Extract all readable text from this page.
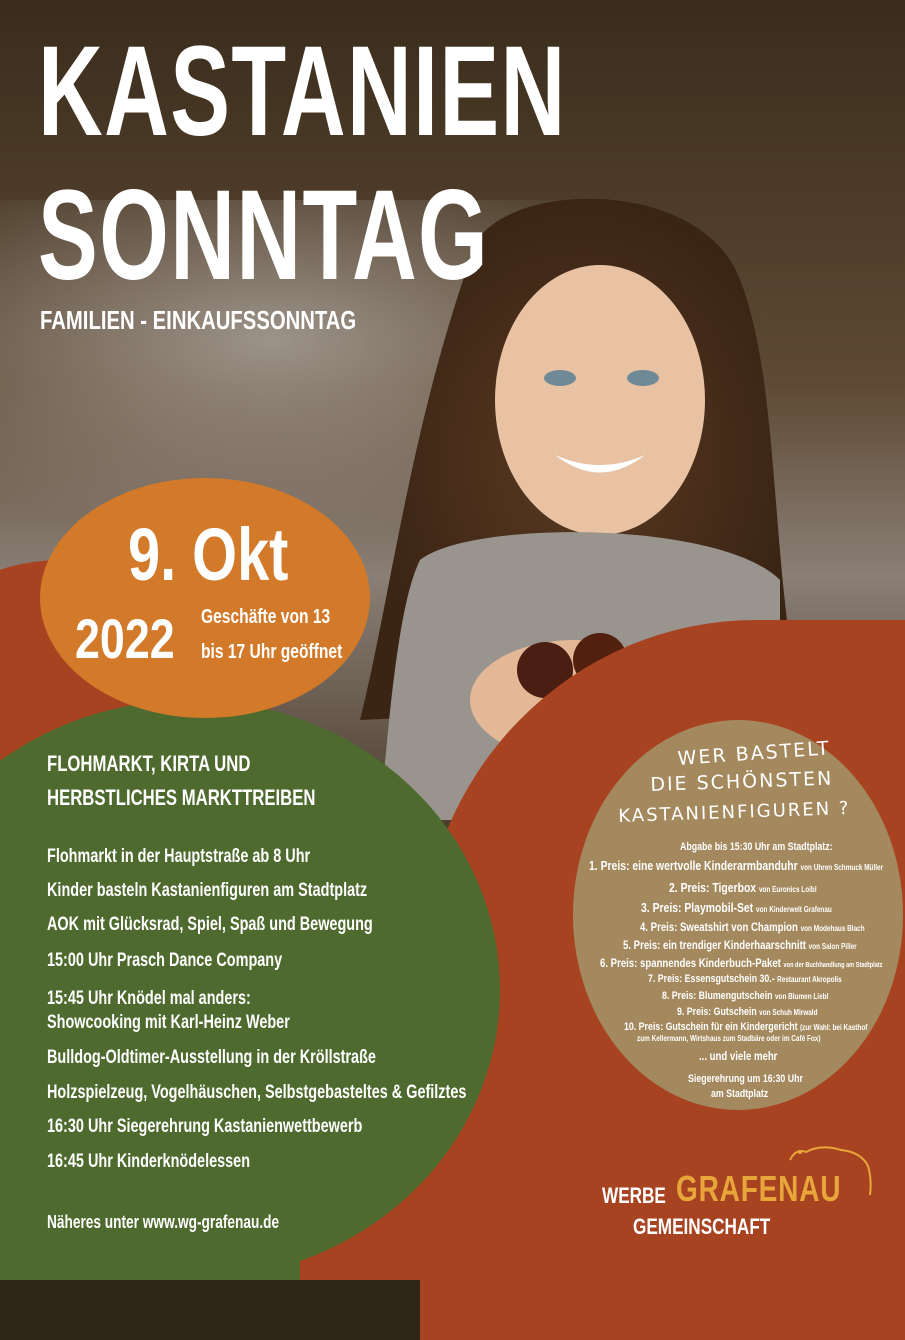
KASTANIEN
SONNTAG
FAMILIEN - EINKAUFSSONNTAG
9. Okt
2022 Geschäfte von 13
bis 17 Uhr geöffnet
FLOHMARKT, KIRTA UND
HERBSTLICHES MARKTTREIBEN
Flohmarkt in der Hauptstraße ab 8 Uhr
Kinder basteln Kastanienfiguren am Stadtplatz
AOK mit Glücksrad, Spiel, Spaß und Bewegung
15:00 Uhr Prasch Dance Company
15:45 Uhr Knödel mal anders:
Showcooking mit Karl-Heinz Weber
Bulldog-Oldtimer-Ausstellung in der Kröllstraße
Holzspielzeug, Vogelhäuschen, Selbstgebasteltes & Gefilztes
16:30 Uhr Siegerehrung Kastanienwettbewerb
16:45 Uhr Kinderknödelessen
Näheres unter www.wg-grafenau.de
WER BASTELT
DIE SCHÖNSTEN
KASTANIENFIGUREN ?
Abgabe bis 15:30 Uhr am Stadtplatz:
1. Preis: eine wertvolle Kinderarmbanduhr von Uhren Schmuck Müller
2. Preis: Tigerbox von Euronics Loibl
3. Preis: Playmobil-Set von Kinderwelt Grafenau
4. Preis: Sweatshirt von Champion von Modehaus Blach
5. Preis: ein trendiger Kinderhaarschnitt von Salon Piller
6. Preis: spannendes Kinderbuch-Paket von der Buchhandlung am Stadtplatz
7. Preis: Essensgutschein 30.- Restaurant Akropolis
8. Preis: Blumengutschein von Blumen Liebl
9. Preis: Gutschein von Schuh Mirwald
10. Preis: Gutschein für ein Kindergericht (zur Wahl: bei Kasthof
zum Kellermann, Wirtshaus zum Stadbäre oder im Café Fox)
... und viele mehr
Siegerehrung um 16:30 Uhr
am Stadtplatz
WERBE GRAFENAU
GEMEINSCHAFT
